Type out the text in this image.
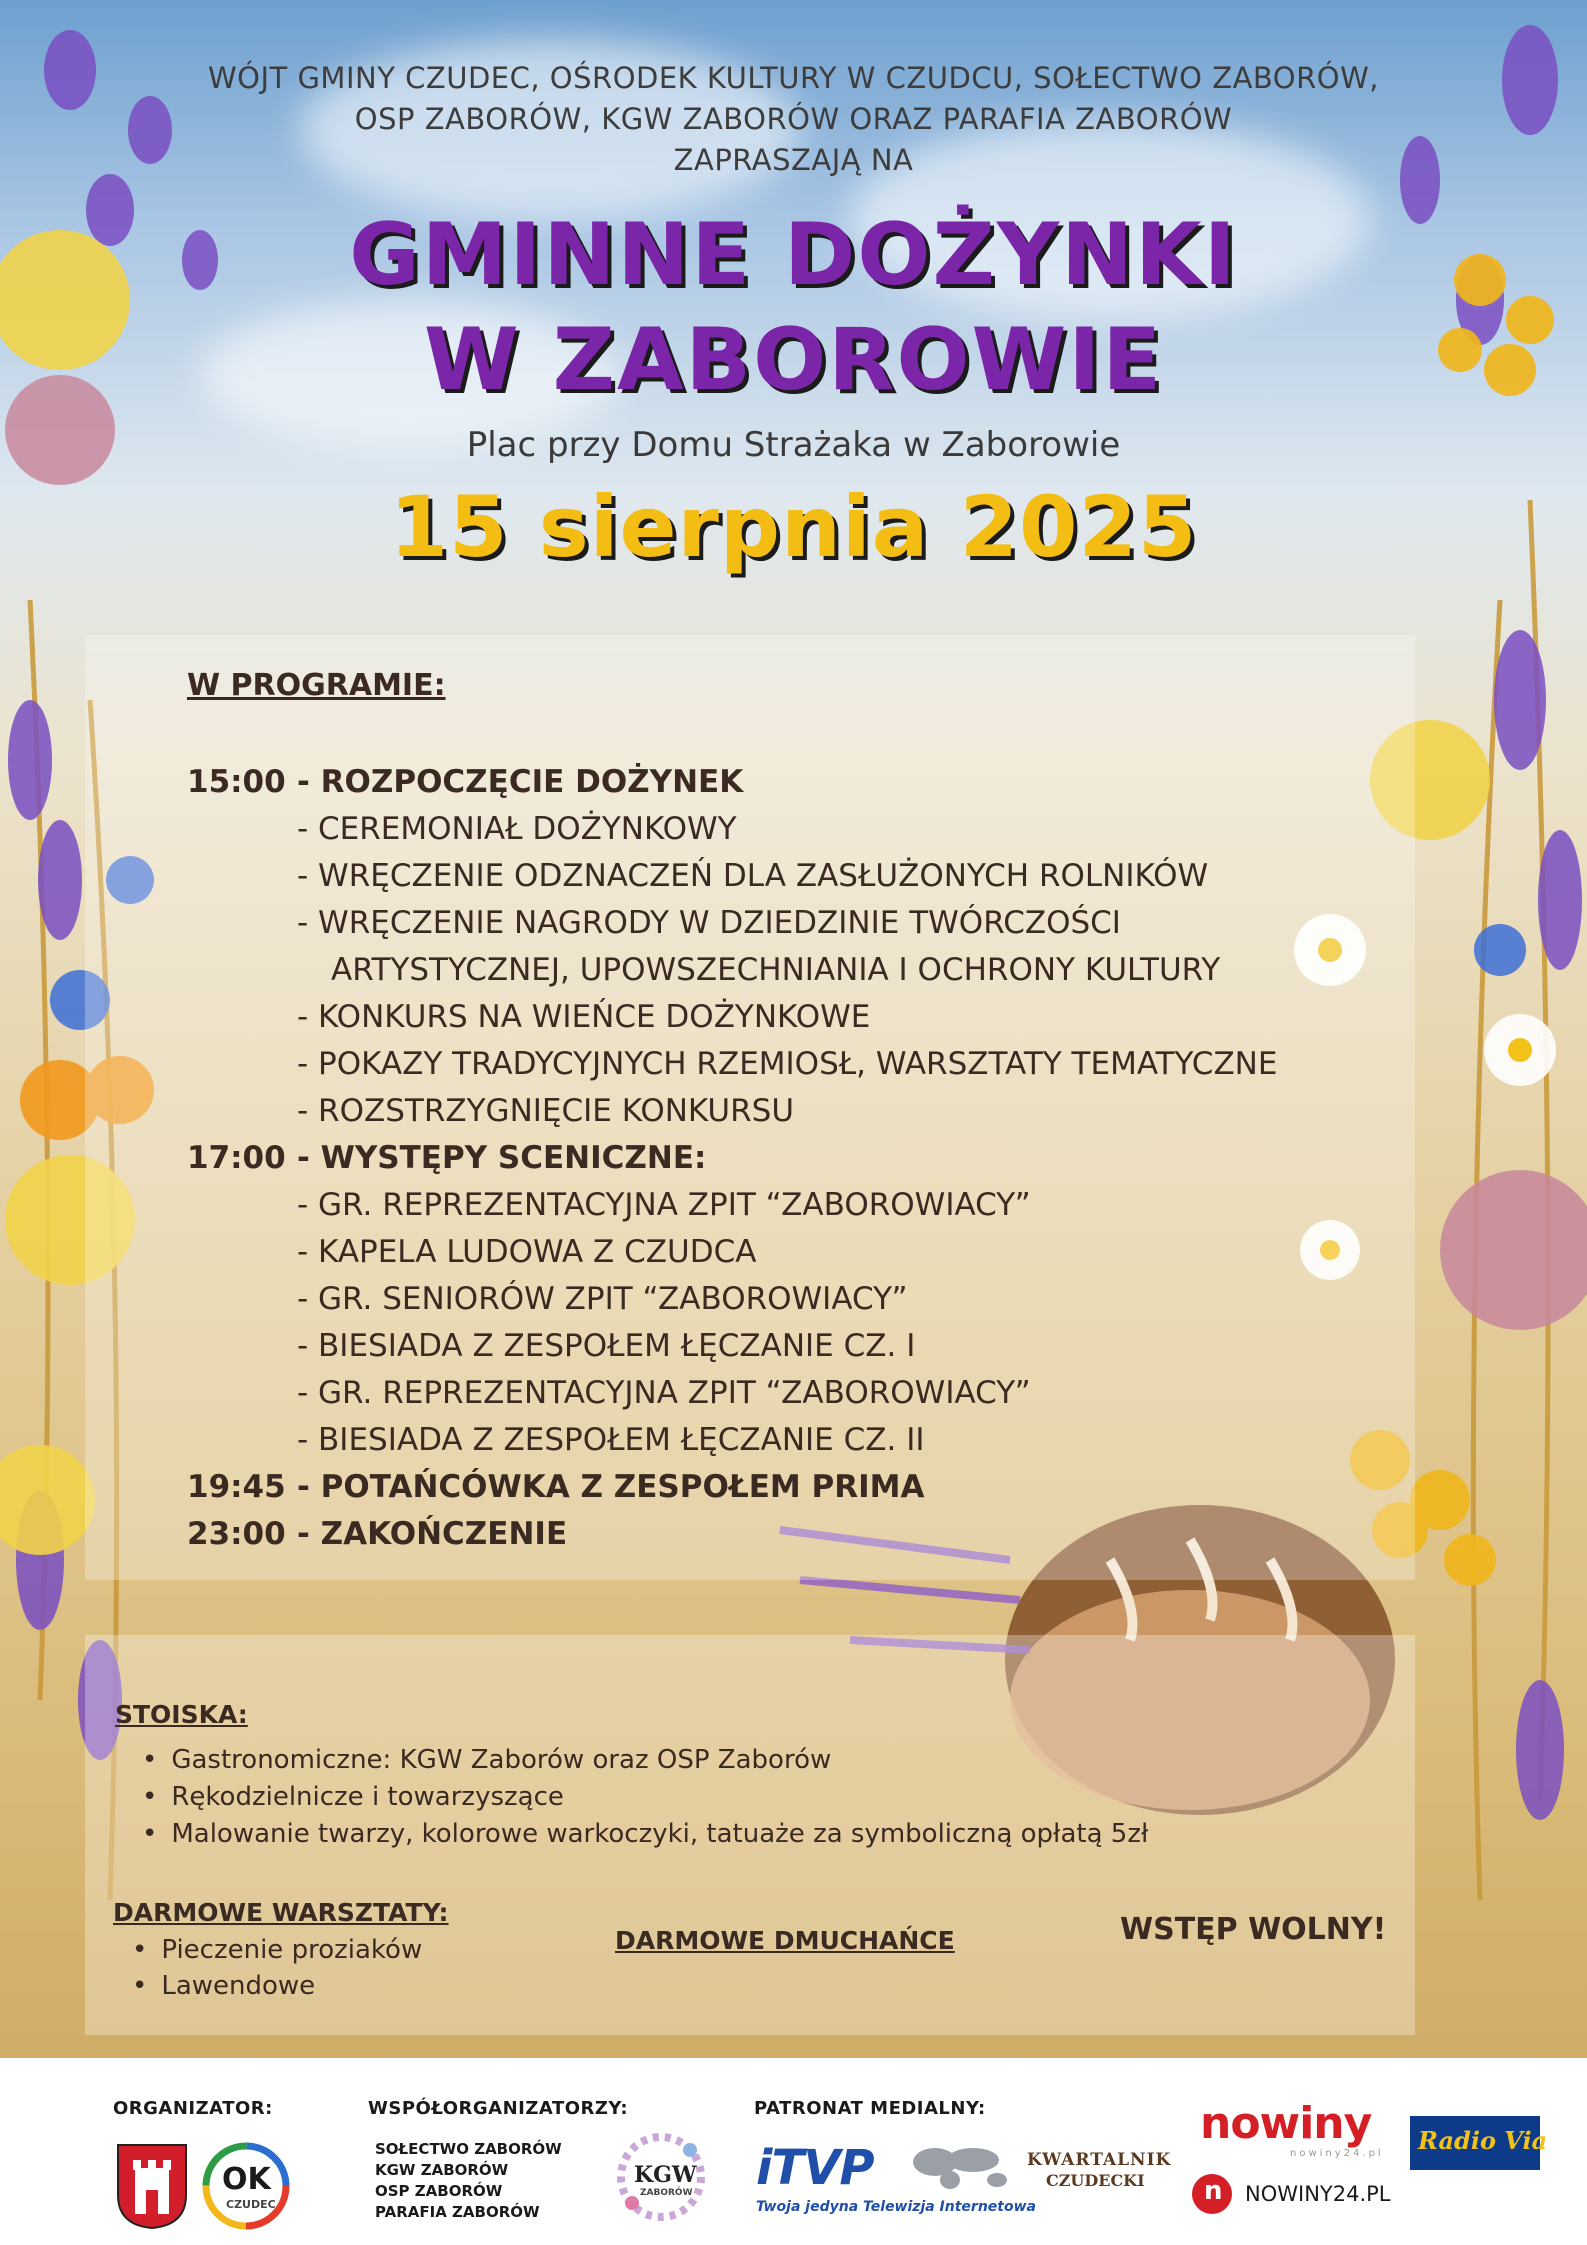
WÓJT GMINY CZUDEC, OŚRODEK KULTURY W CZUDCU, SOŁECTWO ZABORÓW,
OSP ZABORÓW, KGW ZABORÓW ORAZ PARAFIA ZABORÓW
ZAPRASZAJĄ NA
GMINNE DOŻYNKI
W ZABOROWIE
Plac przy Domu Strażaka w Zaborowie
15 sierpnia 2025
W PROGRAMIE:
15:00 - ROZPOCZĘCIE DOŻYNEK
- CEREMONIAŁ DOŻYNKOWY
- WRĘCZENIE ODZNACZEŃ DLA ZASŁUŻONYCH ROLNIKÓW
- WRĘCZENIE NAGRODY W DZIEDZINIE TWÓRCZOŚCI
ARTYSTYCZNEJ, UPOWSZECHNIANIA I OCHRONY KULTURY
- KONKURS NA WIEŃCE DOŻYNKOWE
- POKAZY TRADYCYJNYCH RZEMIOSŁ, WARSZTATY TEMATYCZNE
- ROZSTRZYGNIĘCIE KONKURSU
17:00 - WYSTĘPY SCENICZNE:
- GR. REPREZENTACYJNA ZPIT “ZABOROWIACY”
- KAPELA LUDOWA Z CZUDCA
- GR. SENIORÓW ZPIT “ZABOROWIACY”
- BIESIADA Z ZESPOŁEM ŁĘCZANIE CZ. I
- GR. REPREZENTACYJNA ZPIT “ZABOROWIACY”
- BIESIADA Z ZESPOŁEM ŁĘCZANIE CZ. II
19:45 - POTAŃCÓWKA Z ZESPOŁEM PRIMA
23:00 - ZAKOŃCZENIE
STOISKA:
• Gastronomiczne: KGW Zaborów oraz OSP Zaborów
• Rękodzielnicze i towarzyszące
• Malowanie twarzy, kolorowe warkoczyki, tatuaże za symboliczną opłatą 5zł
DARMOWE WARSZTATY:
• Pieczenie proziaków
• Lawendowe
DARMOWE DMUCHAŃCE	WSTĘP WOLNY!
ORGANIZATOR:	WSPÓŁORGANIZATORZY:	PATRONAT MEDIALNY:
OK
CZUDEC
SOŁECTWO ZABORÓW
KGW ZABORÓW
OSP ZABORÓW
PARAFIA ZABORÓW
KGW
ZABORÓW iTVP
Twoja jedyna Telewizja Internetowa
KWARTALNIK
CZUDECKI
nowiny
nowiny24.pl
n NOWINY24.PL
Radio Via
